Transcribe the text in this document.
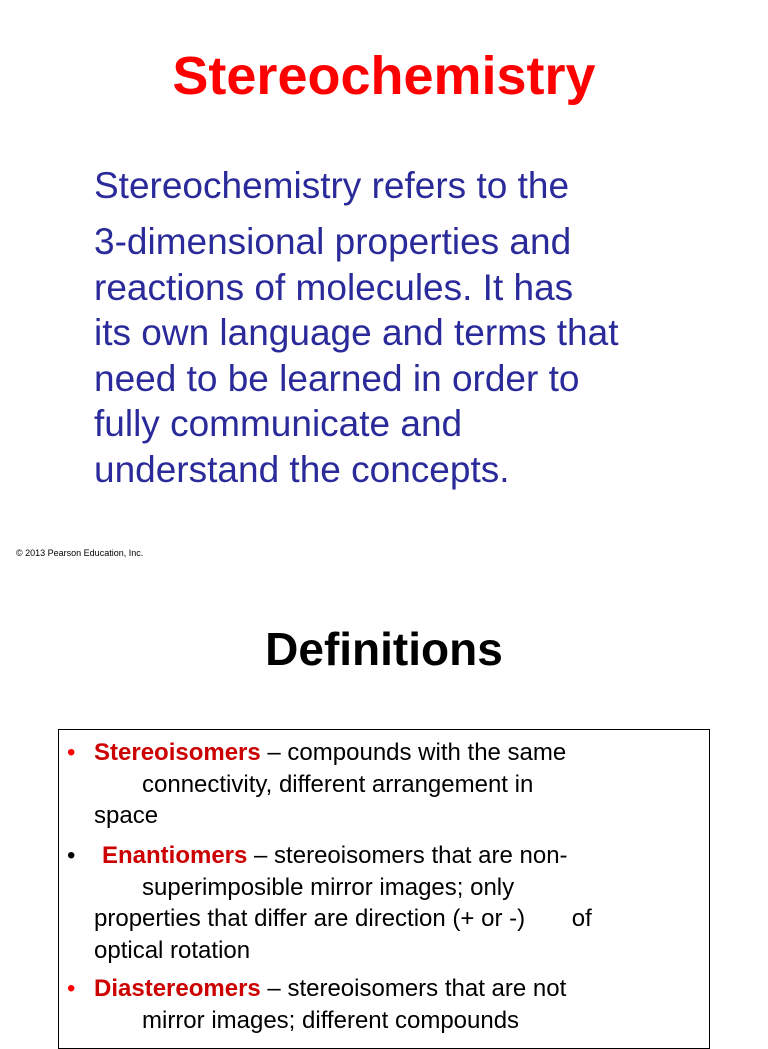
Stereochemistry
Stereochemistry refers to the
3-dimensional properties and
reactions of molecules. It has
its own language and terms that
need to be learned in order to
fully communicate and
understand the concepts.
© 2013 Pearson Education, Inc.
Definitions
• Stereoisomers – compounds with the same
connectivity, different arrangement in
space
•	Enantiomers – stereoisomers that are non-
superimposible mirror images; only
properties that differ are direction (+ or -)       of
optical rotation
• Diastereomers – stereoisomers that are not
mirror images; different compounds
